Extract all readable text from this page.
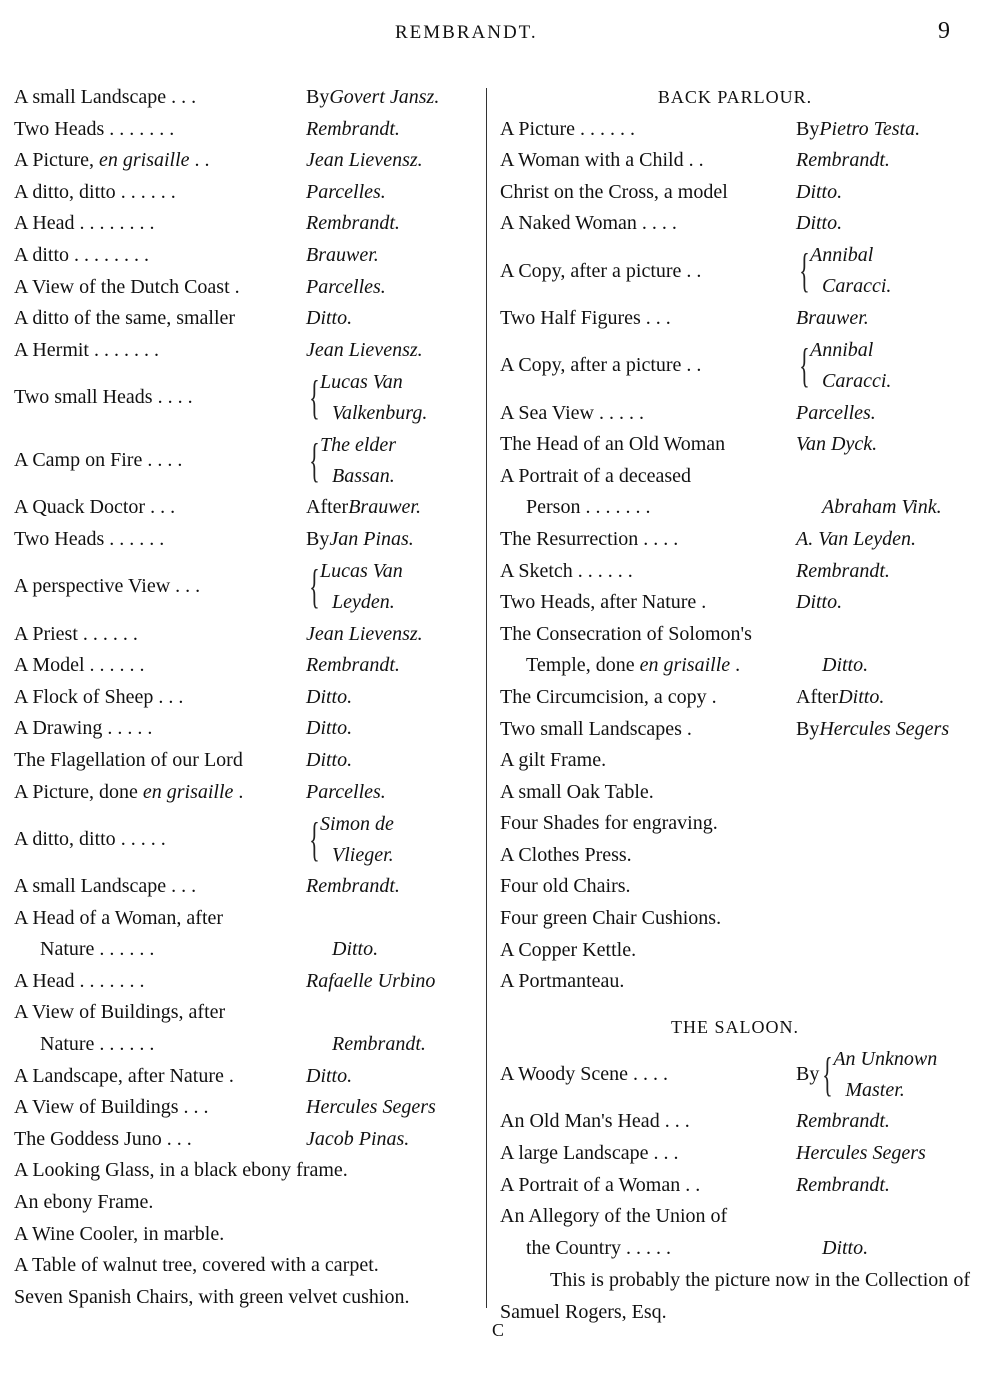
REMBRANDT.	9
A small Landscape . . .	By Govert Jansz.
Two Heads . . . . . . .	Rembrandt.
A Picture, en grisaille . .	Jean Lievensz.
A ditto, ditto . . . . . .	Parcelles.
A Head . . . . . . . .	Rembrandt.
A ditto . . . . . . . .	Brauwer.
A View of the Dutch Coast .	Parcelles.
A ditto of the same, smaller	Ditto.
A Hermit . . . . . . .	Jean Lievensz.
Two small Heads . . . .	{ Lucas Van
Valkenburg.
A Camp on Fire . . . .	{ The elder
Bassan.
A Quack Doctor . . .	After Brauwer.
Two Heads . . . . . .	By Jan Pinas.
A perspective View . . .	{ Lucas Van
Leyden.
A Priest . . . . . .	Jean Lievensz.
A Model . . . . . .	Rembrandt.
A Flock of Sheep . . .	Ditto.
A Drawing . . . . .	Ditto.
The Flagellation of our Lord	Ditto.
A Picture, done en grisaille .	Parcelles.
A ditto, ditto . . . . .	{ Simon de
Vlieger.
A small Landscape . . .	Rembrandt.
A Head of a Woman, after
Nature . . . . . .	Ditto.
A Head . . . . . . .	Rafaelle Urbino
A View of Buildings, after
Nature . . . . . .	Rembrandt.
A Landscape, after Nature .	Ditto.
A View of Buildings . . .	Hercules Segers
The Goddess Juno . . .	Jacob Pinas.
A Looking Glass, in a black ebony frame.
An ebony Frame.
A Wine Cooler, in marble.
A Table of walnut tree, covered with a carpet.
Seven Spanish Chairs, with green velvet cushion.
BACK PARLOUR.
A Picture . . . . . .	By Pietro Testa.
A Woman with a Child . .	Rembrandt.
Christ on the Cross, a model	Ditto.
A Naked Woman . . . .	Ditto.
A Copy, after a picture . .	{ Annibal
Caracci.
Two Half Figures . . .	Brauwer.
A Copy, after a picture . .	{ Annibal
Caracci.
A Sea View . . . . .	Parcelles.
The Head of an Old Woman	Van Dyck.
A Portrait of a deceased
Person . . . . . . .	Abraham Vink.
The Resurrection . . . .	A. Van Leyden.
A Sketch . . . . . .	Rembrandt.
Two Heads, after Nature .	Ditto.
The Consecration of Solomon's
Temple, done en grisaille .	Ditto.
The Circumcision, a copy .	After Ditto.
Two small Landscapes .	By Hercules Segers
A gilt Frame.
A small Oak Table.
Four Shades for engraving.
A Clothes Press.
Four old Chairs.
Four green Chair Cushions.
A Copper Kettle.
A Portmanteau.
THE SALOON.
A Woody Scene . . . .	By { An Unknown
Master.
An Old Man's Head . . .	Rembrandt.
A large Landscape . . .	Hercules Segers
A Portrait of a Woman . .	Rembrandt.
An Allegory of the Union of
the Country . . . . .	Ditto.
This is probably the picture now in the Collection of Samuel Rogers, Esq.
C
